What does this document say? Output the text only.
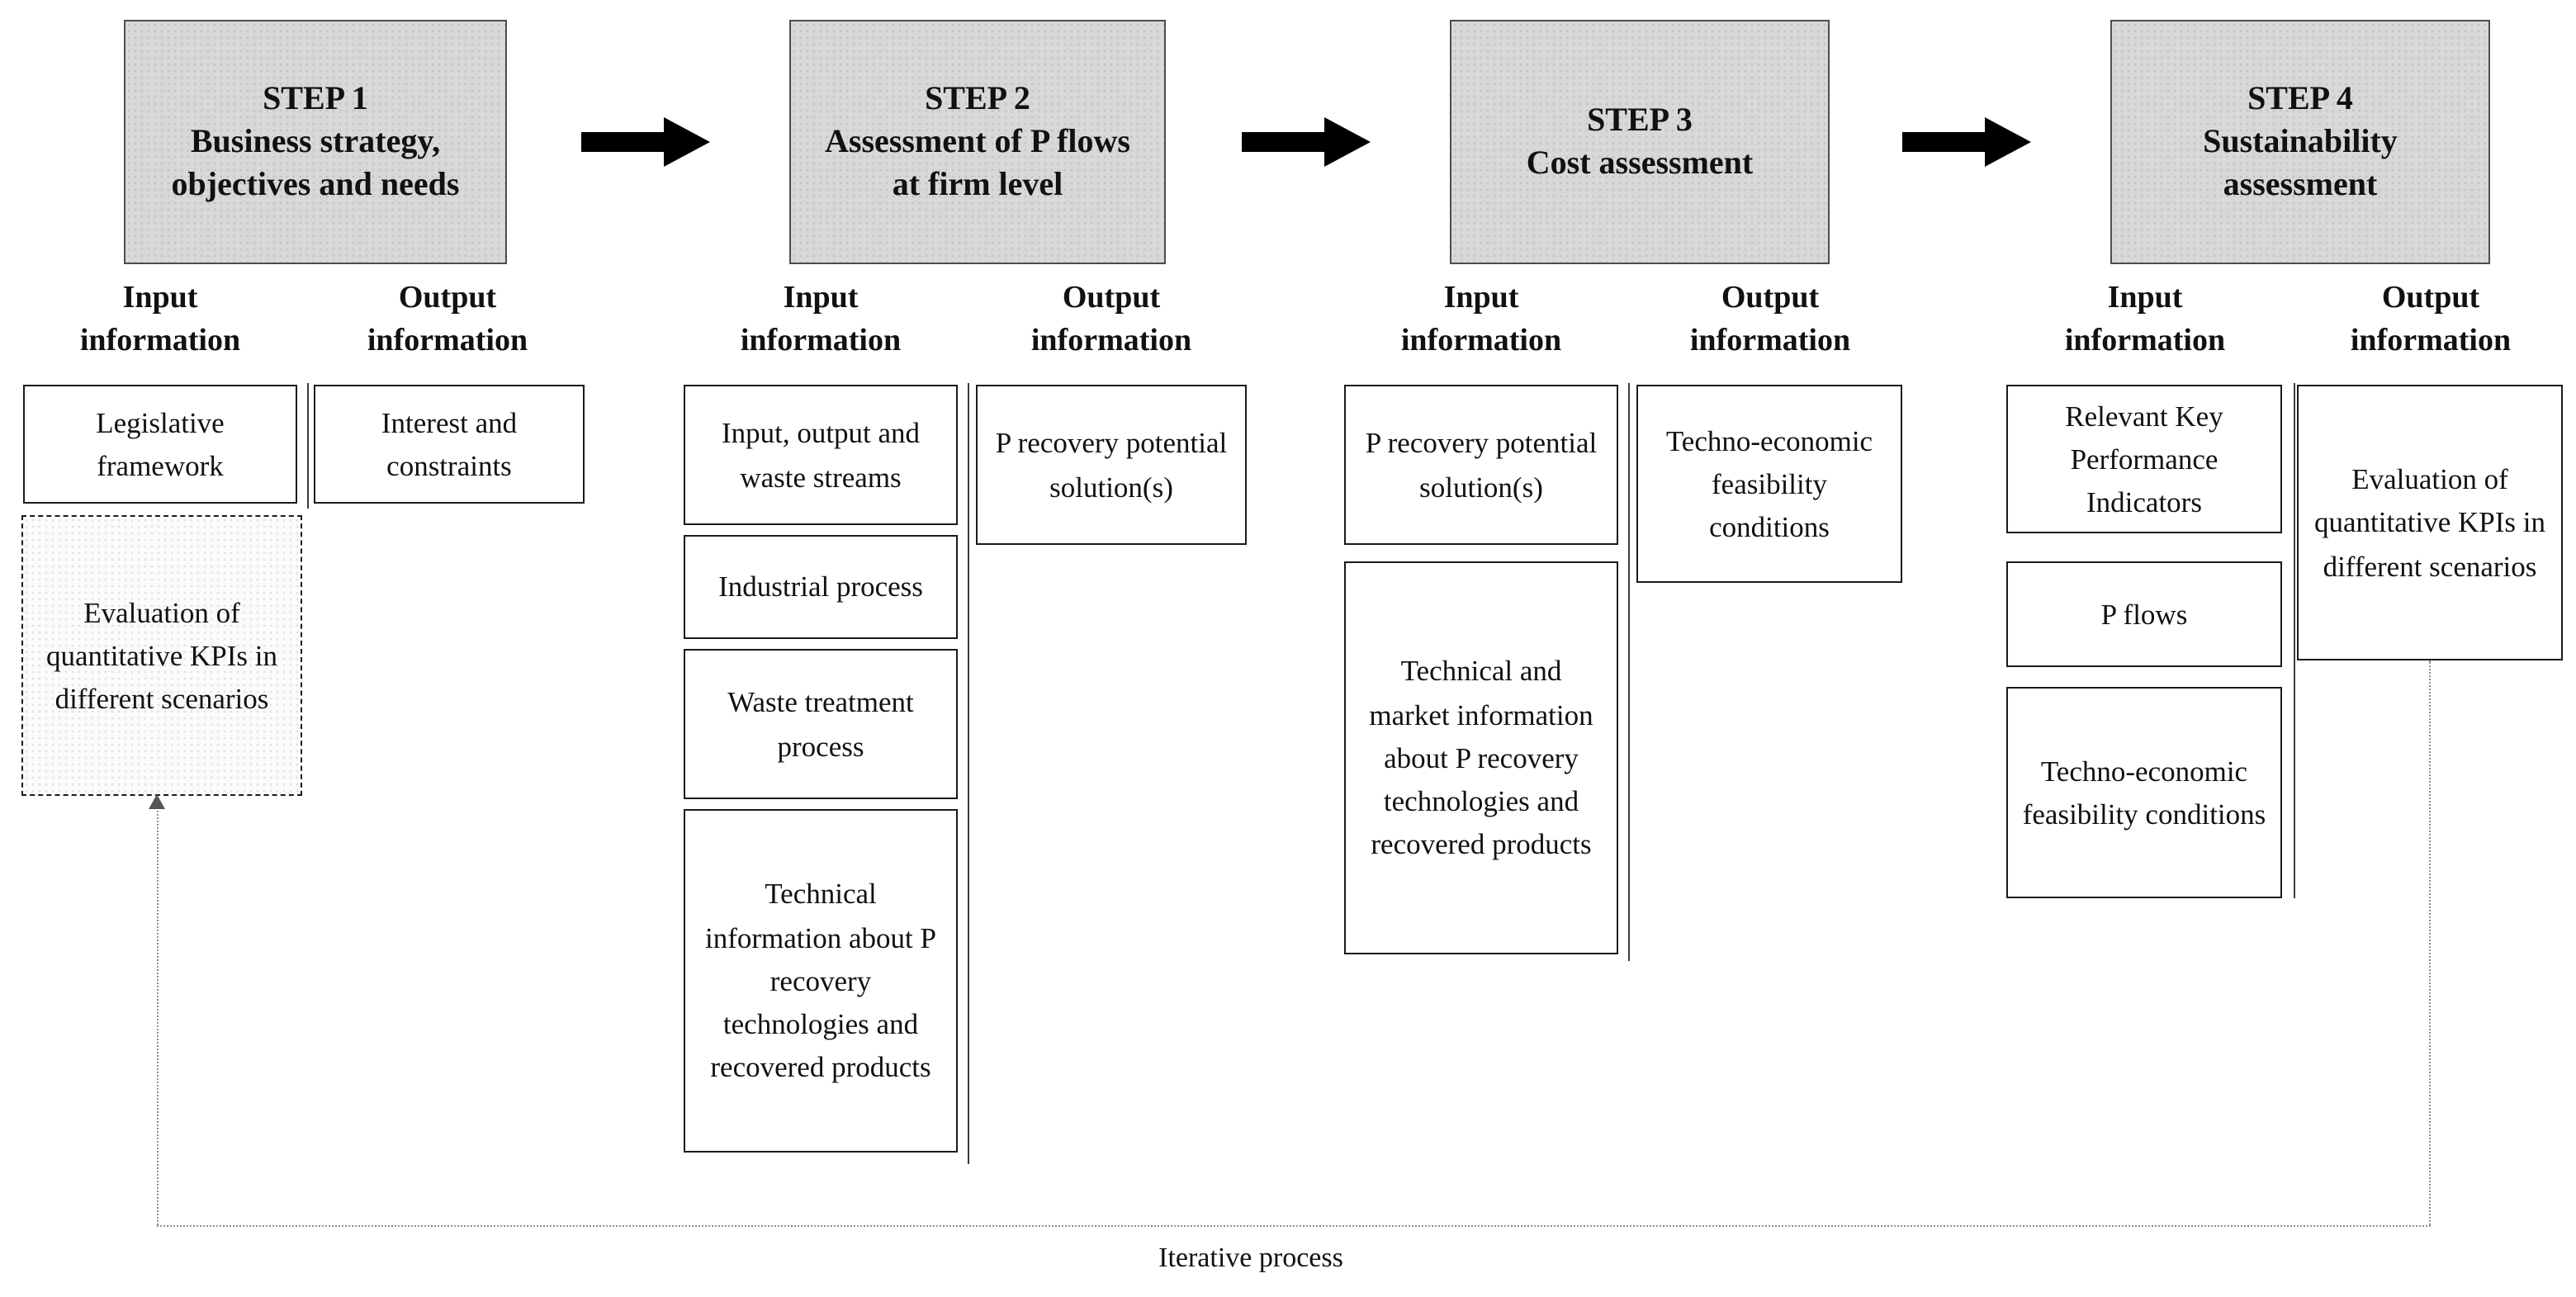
STEP 1
Business strategy, objectives and needs
STEP 2
Assessment of P flows at firm level
STEP 3
Cost assessment
STEP 4
Sustainability assessment
Input information
Output information
Input information
Output information
Input information
Output information
Input information
Output information
Legislative framework
Evaluation of quantitative KPIs in different scenarios
Interest and constraints
Input, output and waste streams
Industrial process
Waste treatment process
Technical information about P recovery technologies and recovered products
P recovery potential solution(s)
P recovery potential solution(s)
Technical and market information about P recovery technologies and recovered products
Techno-economic feasibility conditions
Relevant Key Performance Indicators
P flows
Techno-economic feasibility conditions
Evaluation of quantitative KPIs in different scenarios
Iterative process
